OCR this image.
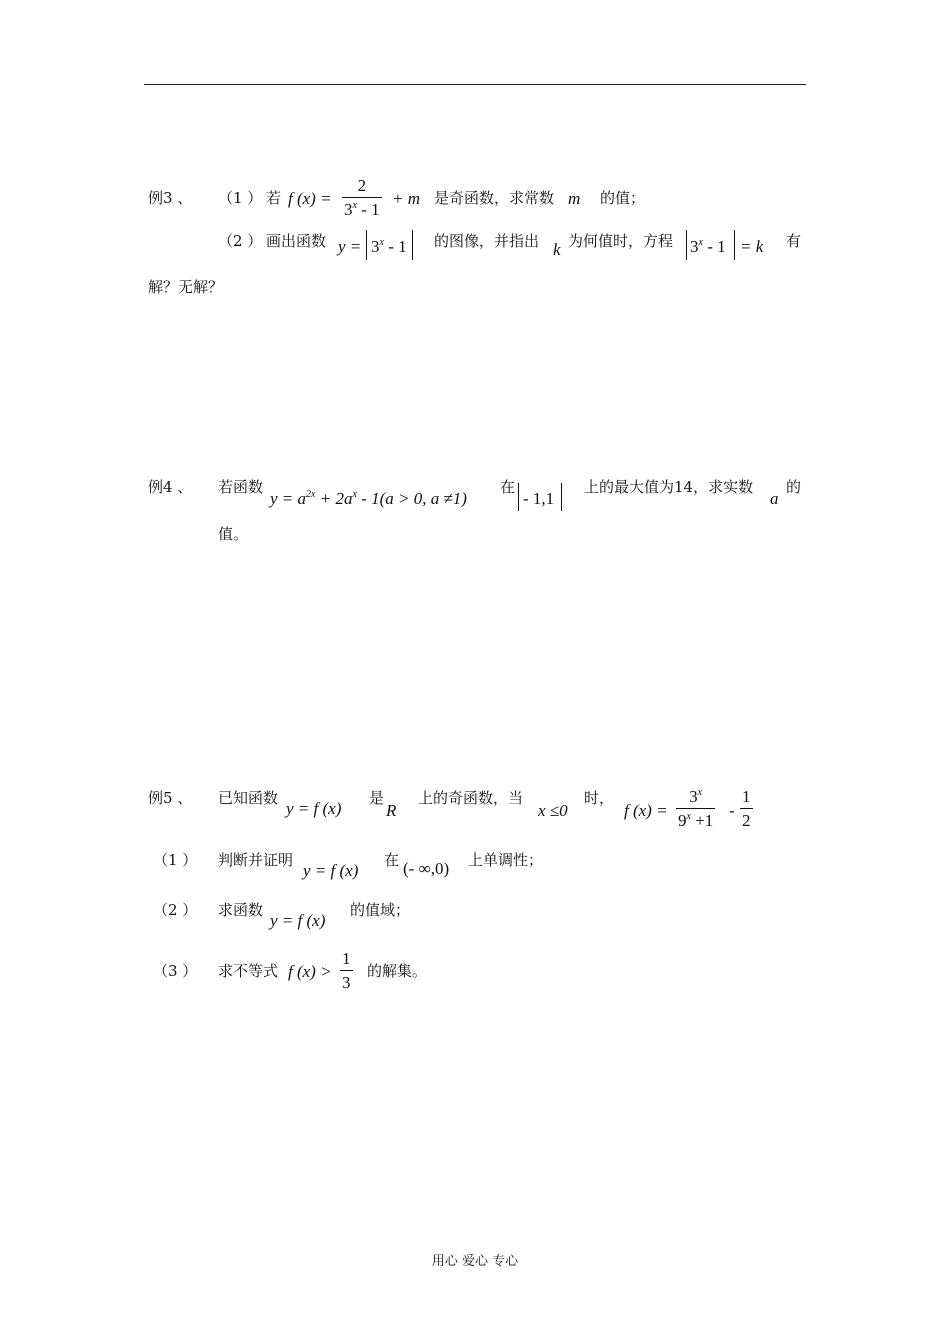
例3 、 （1 ） 若 f $(x) = \frac{2}{3^x - 1} + m$ 是奇函数，求常数 m 的值；
（2 ） 画出函数 $y = 3^x - 1$ 的图像，并指出 k 为何值时，方程 3$^x$ - 1 = k 有
解？无解？
例4 、 若函数
$y = a^{2x} + 2a^x - 1(a > 0$, a ≠1)
在
- 1,1
上的最大值为14，求实数
a
的
值。
例5 、 已知函数
y = f (x)
是
R
上的奇函数，当
x ≤0
时，
f $(x) = \frac{3^x}{9^x +1} - \frac{1}{2}$
（1 ） 判断并证明
y = f (x)
在 (- ∞,0) 上单调性；
（2 ） 求函数
y = f (x)
的值域；
（3 ） 求不等式 f $(x) > \frac{1}{3}$ 的解集。
用心 爱心 专心
